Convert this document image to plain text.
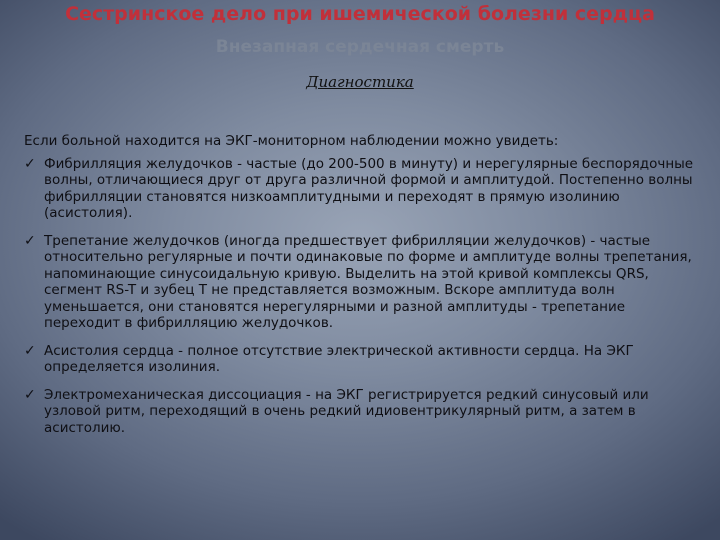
Сестринское дело при ишемической болезни сердца
Внезапная сердечная смерть
Диагностика
Если больной находится на ЭКГ-мониторном наблюдении можно увидеть:
✓ Фибрилляция желудочков - частые (до 200-500 в минуту) и нерегулярные беспорядочные волны, отличающиеся друг от друга различной формой и амплитудой. Постепенно волны фибрилляции становятся низкоамплитудными и переходят в прямую изолинию (асистолия).
✓ Трепетание желудочков (иногда предшествует фибрилляции желудочков) - частые относительно регулярные и почти одинаковые по форме и амплитуде волны трепетания, напоминающие синусоидальную кривую. Выделить на этой кривой комплексы QRS, сегмент RS-T и зубец T не представляется возможным. Вскоре амплитуда волн уменьшается, они становятся нерегулярными и разной амплитуды - трепетание переходит в фибрилляцию желудочков.
✓ Асистолия сердца - полное отсутствие электрической активности сердца. На ЭКГ определяется изолиния.
✓ Электромеханическая диссоциация - на ЭКГ регистрируется редкий синусовый или узловой ритм, переходящий в очень редкий идиовентрикулярный ритм, а затем в асистолию.
